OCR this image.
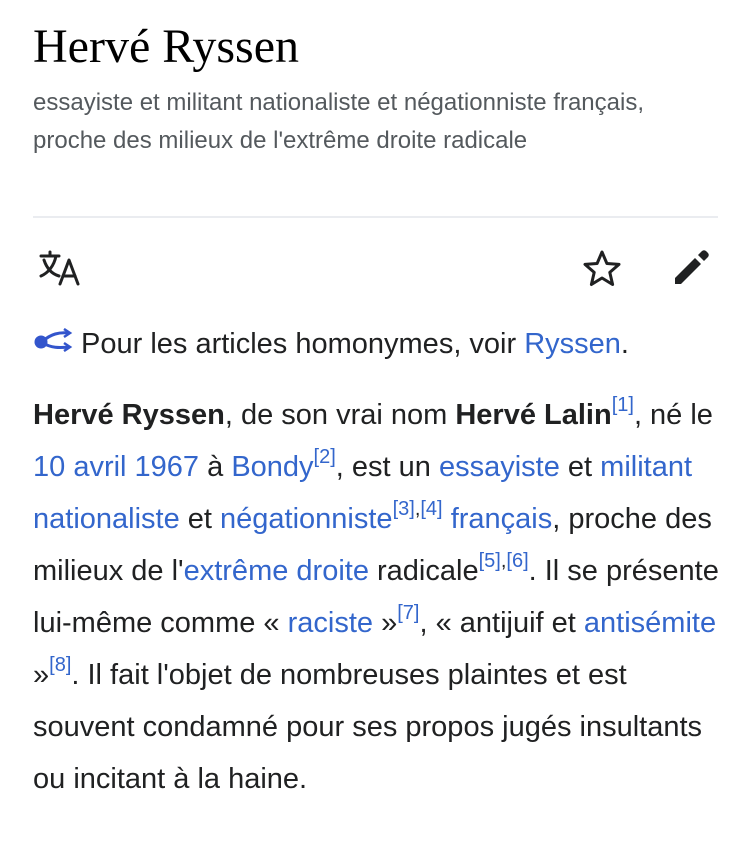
Hervé Ryssen

essayiste et militant nationaliste et négationniste français, proche des milieux de l'extrême droite radicale

Pour les articles homonymes, voir Ryssen.

Hervé Ryssen, de son vrai nom Hervé Lalin[1], né le 10 avril 1967 à Bondy[2], est un essayiste et militant nationaliste et négationniste[3],[4] français, proche des milieux de l'extrême droite radicale[5],[6]. Il se présente lui-même comme « raciste »[7], « antijuif et antisémite »[8]. Il fait l'objet de nombreuses plaintes et est souvent condamné pour ses propos jugés insultants ou incitant à la haine.
